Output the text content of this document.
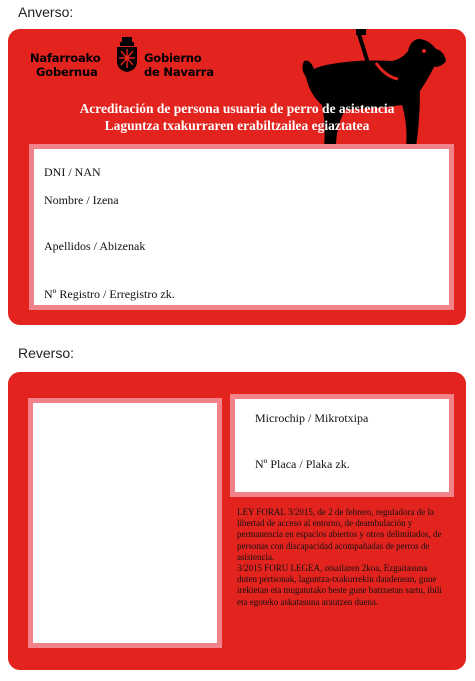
Anverso:
Nafarroako
Gobernua
Gobierno
de Navarra
Acreditación de persona usuaria de perro de asistencia
Laguntza txakurraren erabiltzailea egiaztatea
DNI / NAN
Nombre / Izena
Apellidos / Abizenak
Nº Registro / Erregistro zk.
Reverso:
Microchip / Mikrotxipa
Nº Placa / Plaka zk.

LEY FORAL 3/2015, de 2 de febrero, reguladora de la libertad de acceso al entorno, de deambulación y permanencia en espacios abiertos y otros delimitados, de personas con discapacidad acompañadas de perros de asistencia.

3/2015 FORU LEGEA, otsailaren 2koa, Ezgaitasuna duten pertsonak, laguntza-txakurrekin daudenean, gune irekietan eta mugatutako beste gune batzuetan sartu, ibili eta egoteko askatasuna arautzen duena.
